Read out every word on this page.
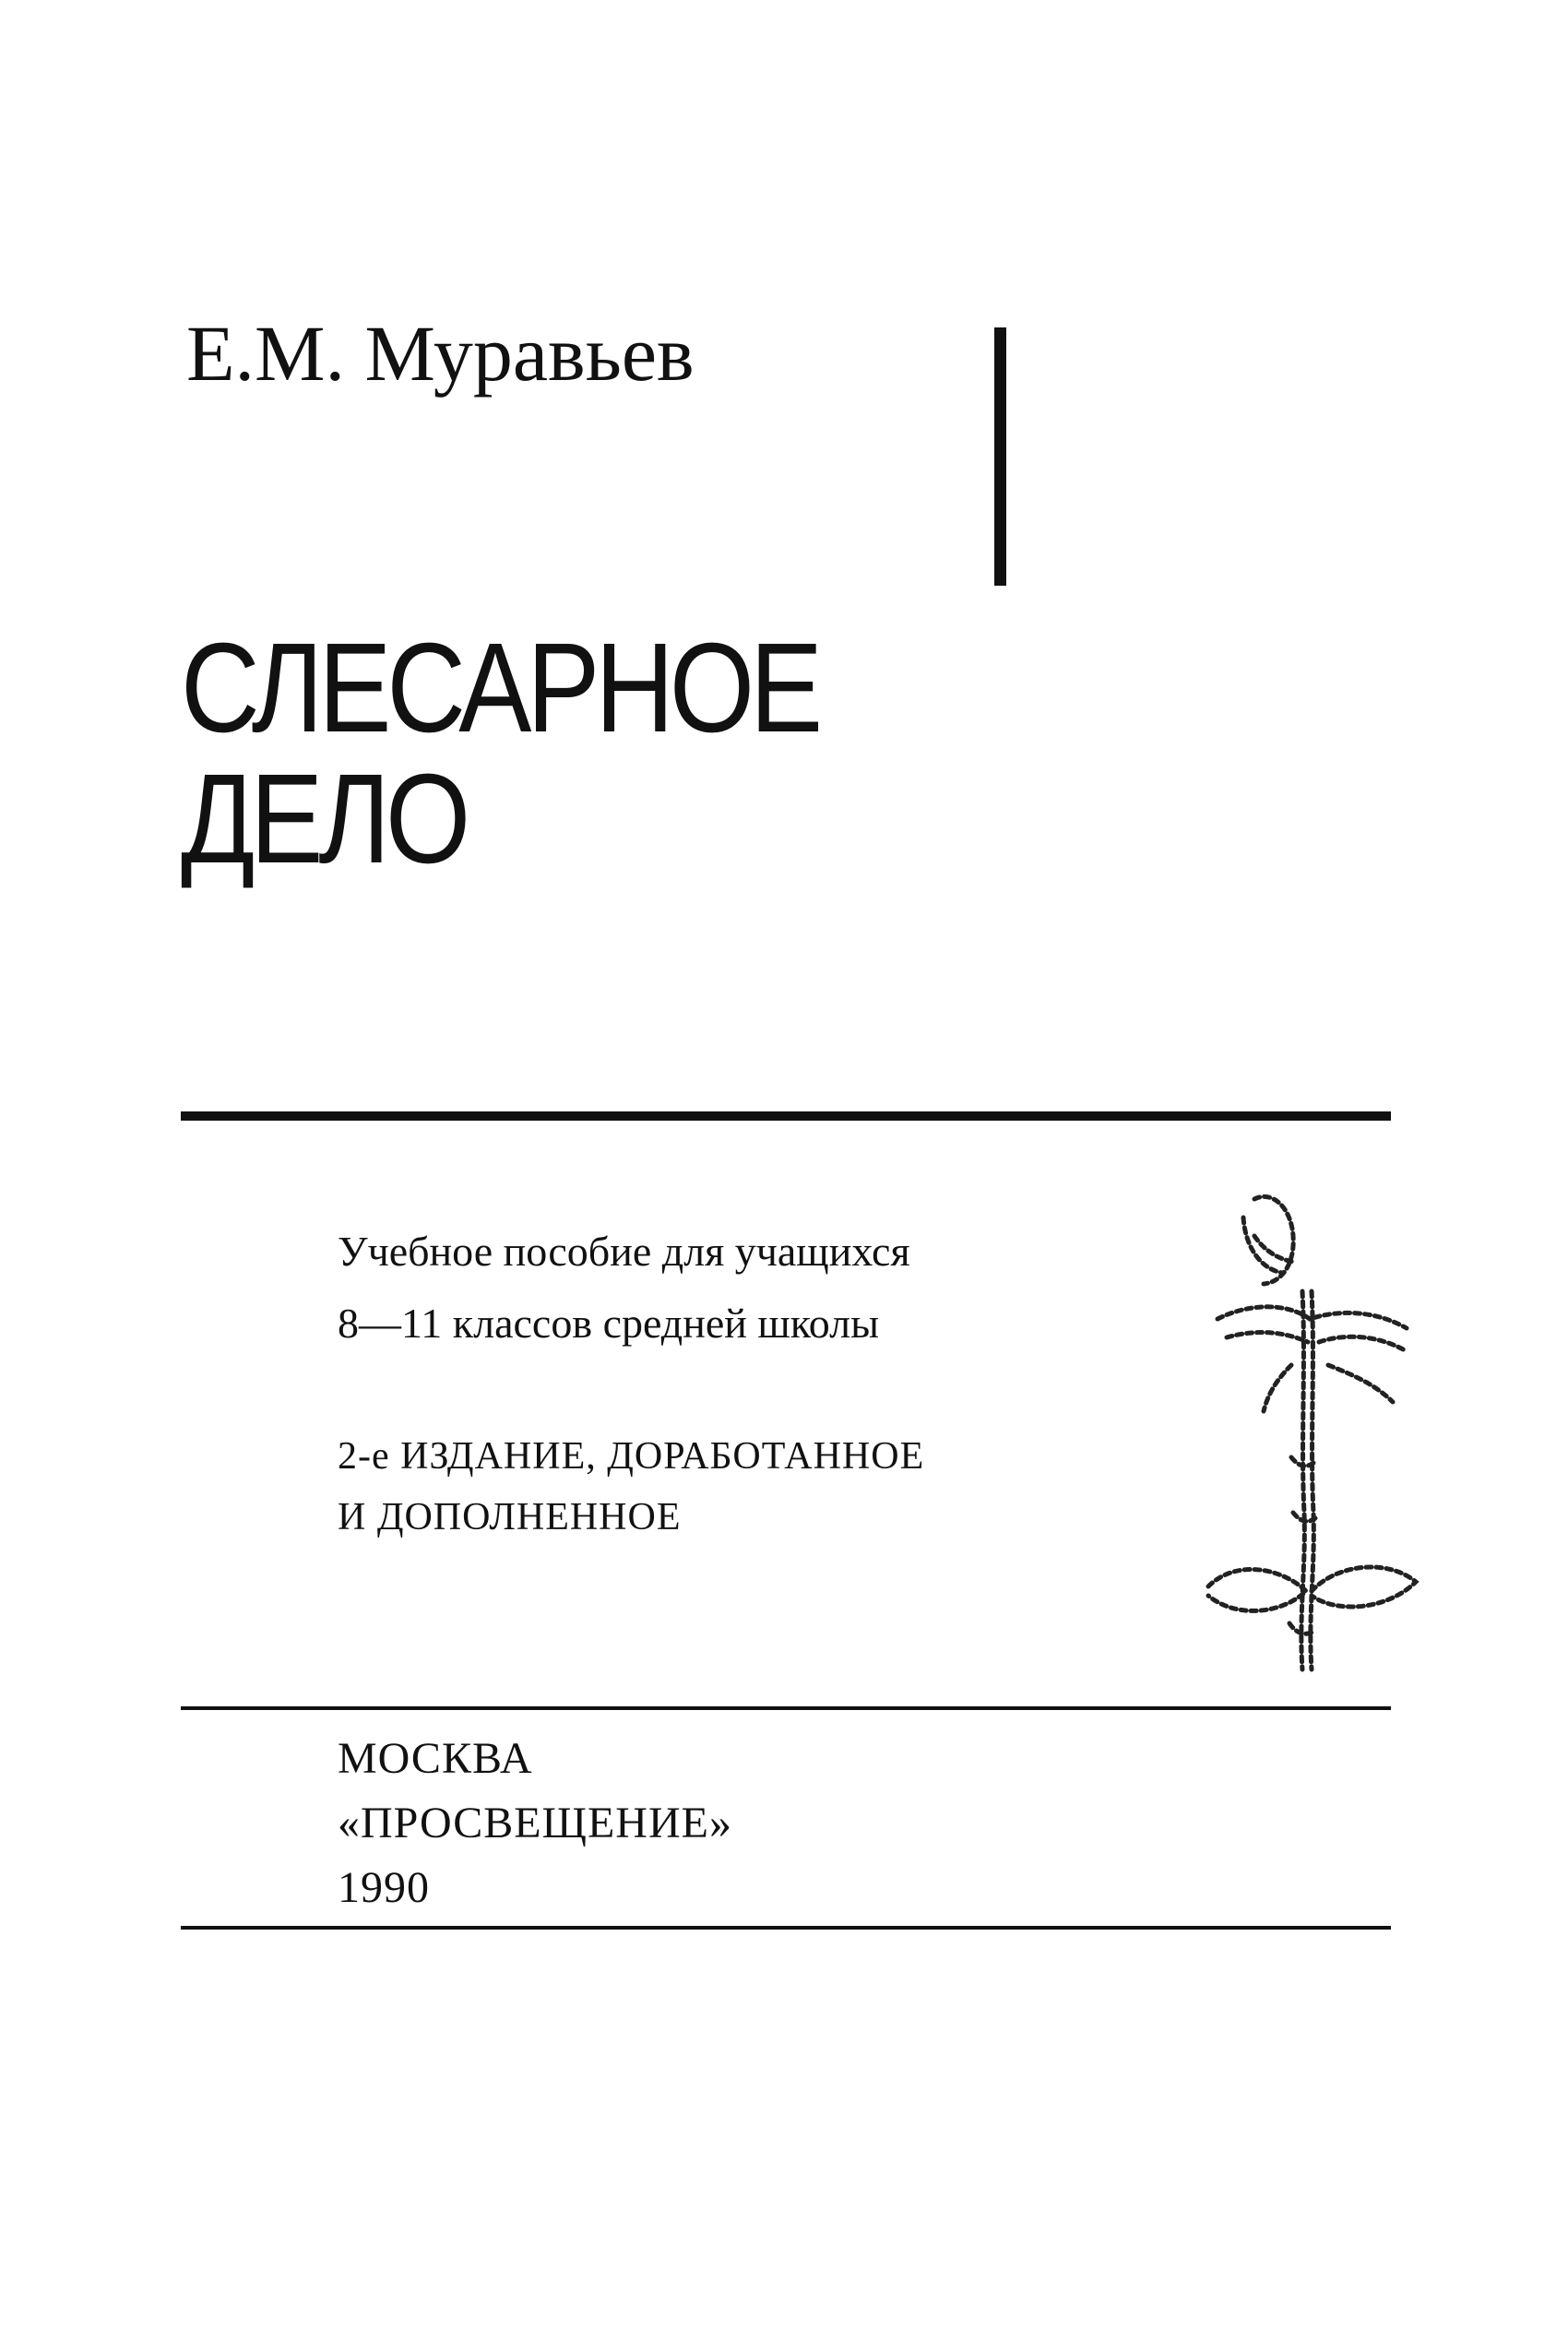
Е.М. Муравьев
СЛЕСАРНОЕ
ДЕЛО
Учебное пособие для учащихся
8—11 классов средней школы
2-е ИЗДАНИЕ, ДОРАБОТАННОЕ
И ДОПОЛНЕННОЕ
МОСКВА
«ПРОСВЕЩЕНИЕ»
1990
